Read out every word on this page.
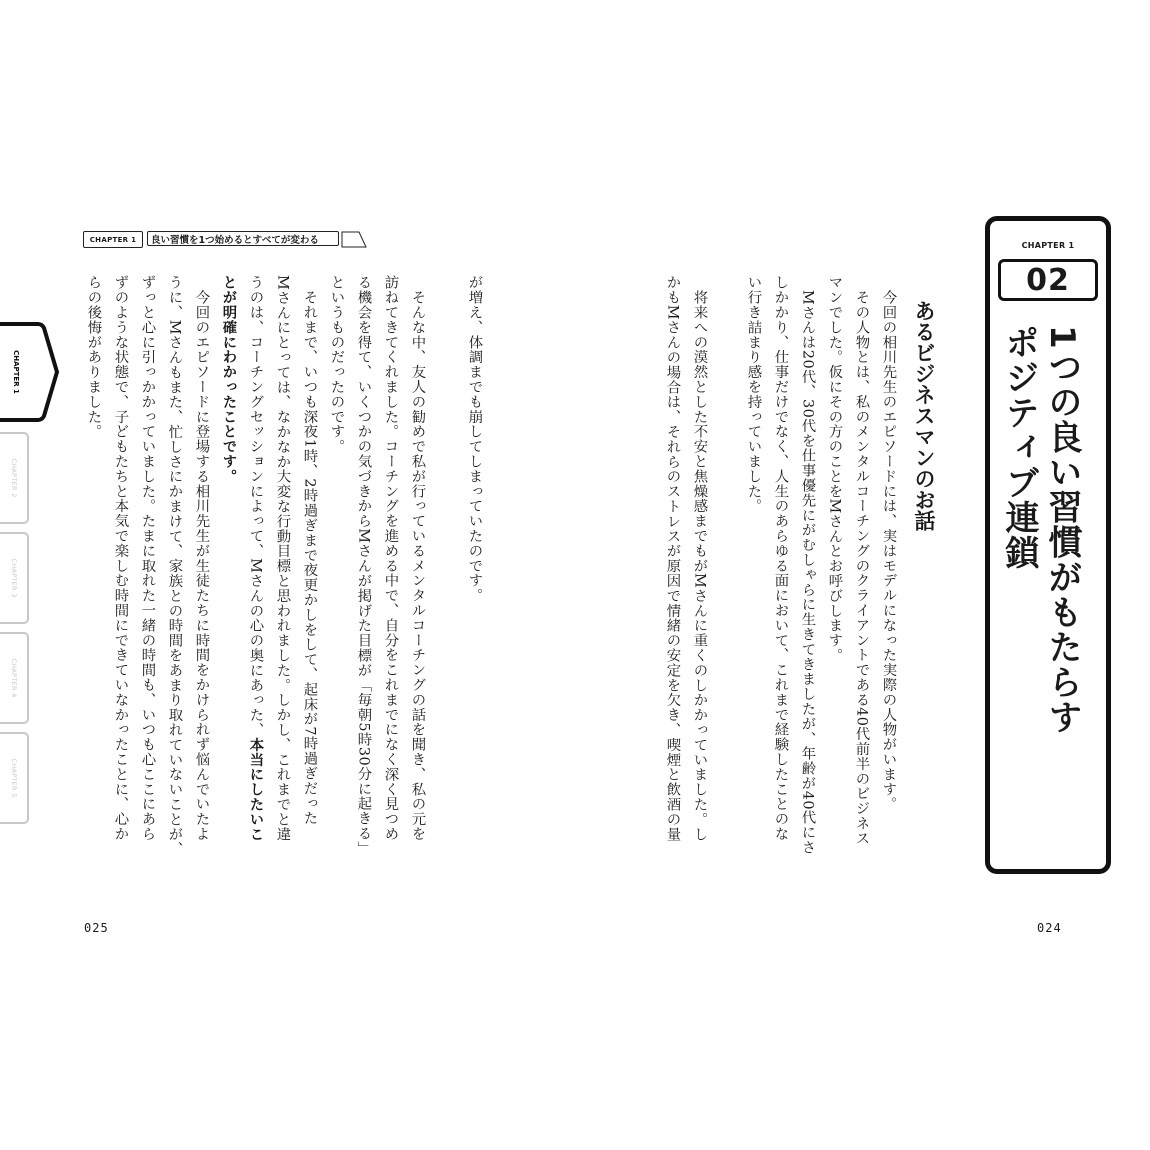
CHAPTER 1	良い習慣を1つ始めるとすべてが変わる
CHAPTER 1
CHAPTER 2
CHAPTER 3
CHAPTER 4
CHAPTER 5
が増え、体調までも崩してしまっていたのです。
　そんな中、友人の勧めで私が行っているメンタルコーチングの話を聞き、私の元を
訪ねてきてくれました。コーチングを進める中で、自分をこれまでになく深く見つめ
る機会を得て、いくつかの気づきからMさんが掲げた目標が「毎朝5時30分に起きる」
というものだったのです。
　それまで、いつも深夜1時、2時過ぎまで夜更かしをして、起床が7時過ぎだった
Mさんにとっては、なかなか大変な行動目標と思われました。しかし、これまでと違
うのは、コーチングセッションによって、Mさんの心の奥にあった、本当にしたいこ
とが明確にわかったことです。
　今回のエピソードに登場する相川先生が生徒たちに時間をかけられず悩んでいたよ
うに、Mさんもまた、忙しさにかまけて、家族との時間をあまり取れていないことが、
ずっと心に引っかかっていました。たまに取れた一緒の時間も、いつも心ここにあら
ずのような状態で、子どもたちと本気で楽しむ時間にできていなかったことに、心か
らの後悔がありました。
025
CHAPTER 1
02
1つの良い習慣がもたらす
ポジティブ連鎖
あるビジネスマンのお話
　今回の相川先生のエピソードには、実はモデルになった実際の人物がいます。
　その人物とは、私のメンタルコーチングのクライアントである40代前半のビジネス
マンでした。仮にその方のことをMさんとお呼びします。
　Mさんは20代、30代を仕事優先にがむしゃらに生きてきましたが、年齢が40代にさ
しかかり、仕事だけでなく、人生のあらゆる面において、これまで経験したことのな
い行き詰まり感を持っていました。
　将来への漠然とした不安と焦燥感までもがMさんに重くのしかかっていました。し
かもMさんの場合は、それらのストレスが原因で情緒の安定を欠き、喫煙と飲酒の量
024
